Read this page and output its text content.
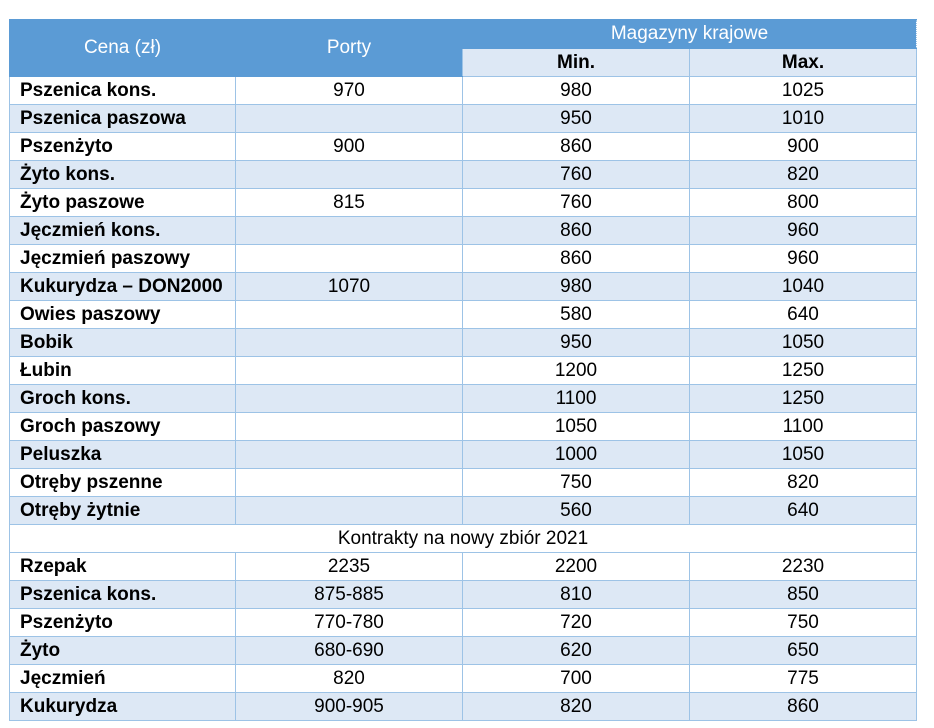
Cena (zł)	Porty	Magazyny krajowe	
		Min.	Max.
Pszenica kons.	970	980	1025
Pszenica paszowa		950	1010
Pszenżyto	900	860	900
Żyto kons.		760	820
Żyto paszowe	815	760	800
Jęczmień kons.		860	960
Jęczmień paszowy		860	960
Kukurydza – DON2000	1070	980	1040
Owies paszowy		580	640
Bobik		950	1050
Łubin		1200	1250
Groch kons.		1100	1250
Groch paszowy		1050	1100
Peluszka		1000	1050
Otręby pszenne		750	820
Otręby żytnie		560	640
Kontrakty na nowy zbiór 2021			
Rzepak	2235	2200	2230
Pszenica kons.	875-885	810	850
Pszenżyto	770-780	720	750
Żyto	680-690	620	650
Jęczmień	820	700	775
Kukurydza	900-905	820	860
